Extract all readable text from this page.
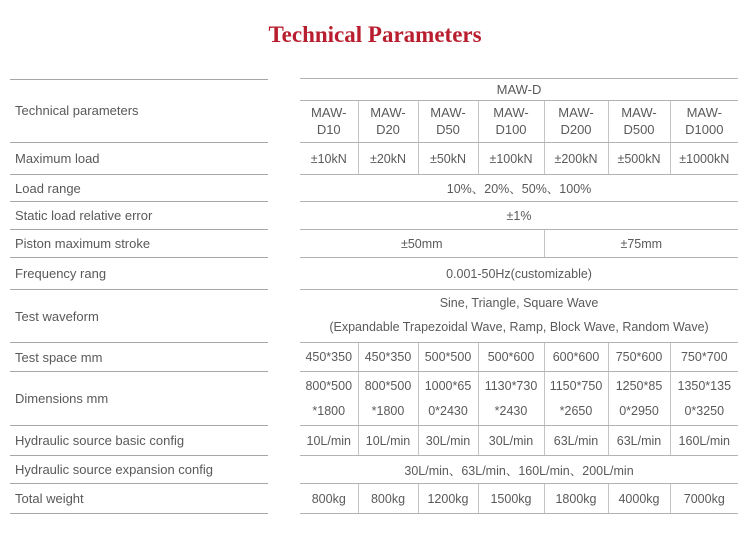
Technical Parameters
Technical parameters	MAW-D						
	MAW-D10	MAW-D20	MAW-D50	MAW-D100	MAW-D200	MAW-D500	MAW-D1000
Maximum load	±10kN	±20kN	±50kN	±100kN	±200kN	±500kN	±1000kN
Load range	10%、20%、50%、100%						
Static load relative error	±1%						
Piston maximum stroke	±50mm				±75mm		
Frequency rang	0.001-50Hz(customizable)						
Test waveform	Sine, Triangle, Square Wave
(Expandable Trapezoidal Wave, Ramp, Block Wave, Random Wave)						

Test space mm	450*350	450*350	500*500	500*600	600*600	750*600	750*700
Dimensions mm	800*500*1800	800*500*1800	1000*650*2430	1130*730*2430	1150*750*2650	1250*850*2950	1350*1350*3250
Hydraulic source basic config	10L/min	10L/min	30L/min	30L/min	63L/min	63L/min	160L/min
Hydraulic source expansion config	30L/min、63L/min、160L/min、200L/min						
Total weight	800kg	800kg	1200kg	1500kg	1800kg	4000kg	7000kg
